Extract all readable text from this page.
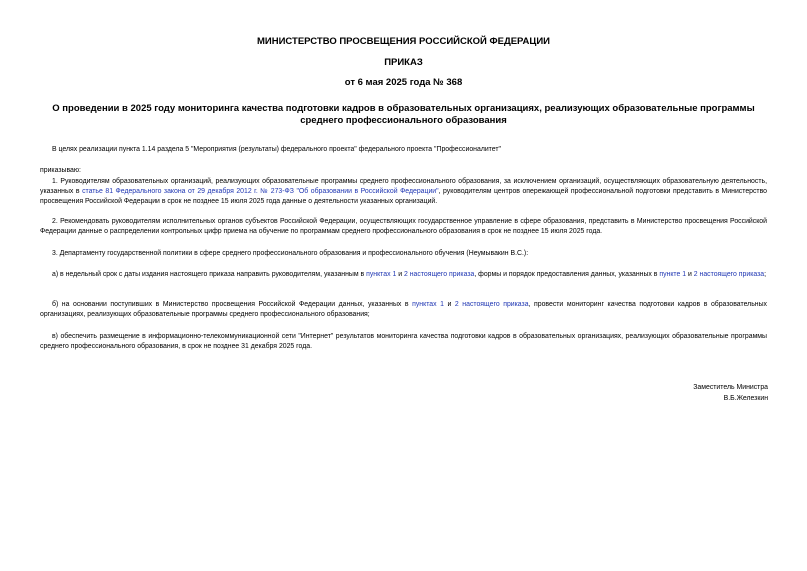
МИНИСТЕРСТВО ПРОСВЕЩЕНИЯ РОССИЙСКОЙ ФЕДЕРАЦИИ
ПРИКАЗ
от 6 мая 2025 года № 368
О проведении в 2025 году мониторинга качества подготовки кадров в образовательных организациях, реализующих образовательные программы среднего профессионального образования

В целях реализации пункта 1.14 раздела 5 "Мероприятия (результаты) федерального проекта" федерального проекта "Профессионалитет"

приказываю:

1. Руководителям образовательных организаций, реализующих образовательные программы среднего профессионального образования, за исключением организаций, осуществляющих образовательную деятельность, указанных в статье 81 Федерального закона от 29 декабря 2012 г. № 273-ФЗ "Об образовании в Российской Федерации", руководителям центров опережающей профессиональной подготовки представить в Министерство просвещения Российской Федерации в срок не позднее 15 июля 2025 года данные о деятельности указанных организаций.

2. Рекомендовать руководителям исполнительных органов субъектов Российской Федерации, осуществляющих государственное управление в сфере образования, представить в Министерство просвещения Российской Федерации данные о распределении контрольных цифр приема на обучение по программам среднего профессионального образования в срок не позднее 15 июля 2025 года.

3. Департаменту государственной политики в сфере среднего профессионального образования и профессионального обучения (Неумывакин В.С.):

а) в недельный срок с даты издания настоящего приказа направить руководителям, указанным в пунктах 1 и 2 настоящего приказа, формы и порядок предоставления данных, указанных в пункте 1 и 2 настоящего приказа;

б) на основании поступивших в Министерство просвещения Российской Федерации данных, указанных в пунктах 1 и 2 настоящего приказа, провести мониторинг качества подготовки кадров в образовательных организациях, реализующих образовательные программы среднего профессионального образования;

в) обеспечить размещение в информационно-телекоммуникационной сети "Интернет" результатов мониторинга качества подготовки кадров в образовательных организациях, реализующих образовательные программы среднего профессионального образования, в срок не позднее 31 декабря 2025 года.

Заместитель Министра
В.Б.Железкин
